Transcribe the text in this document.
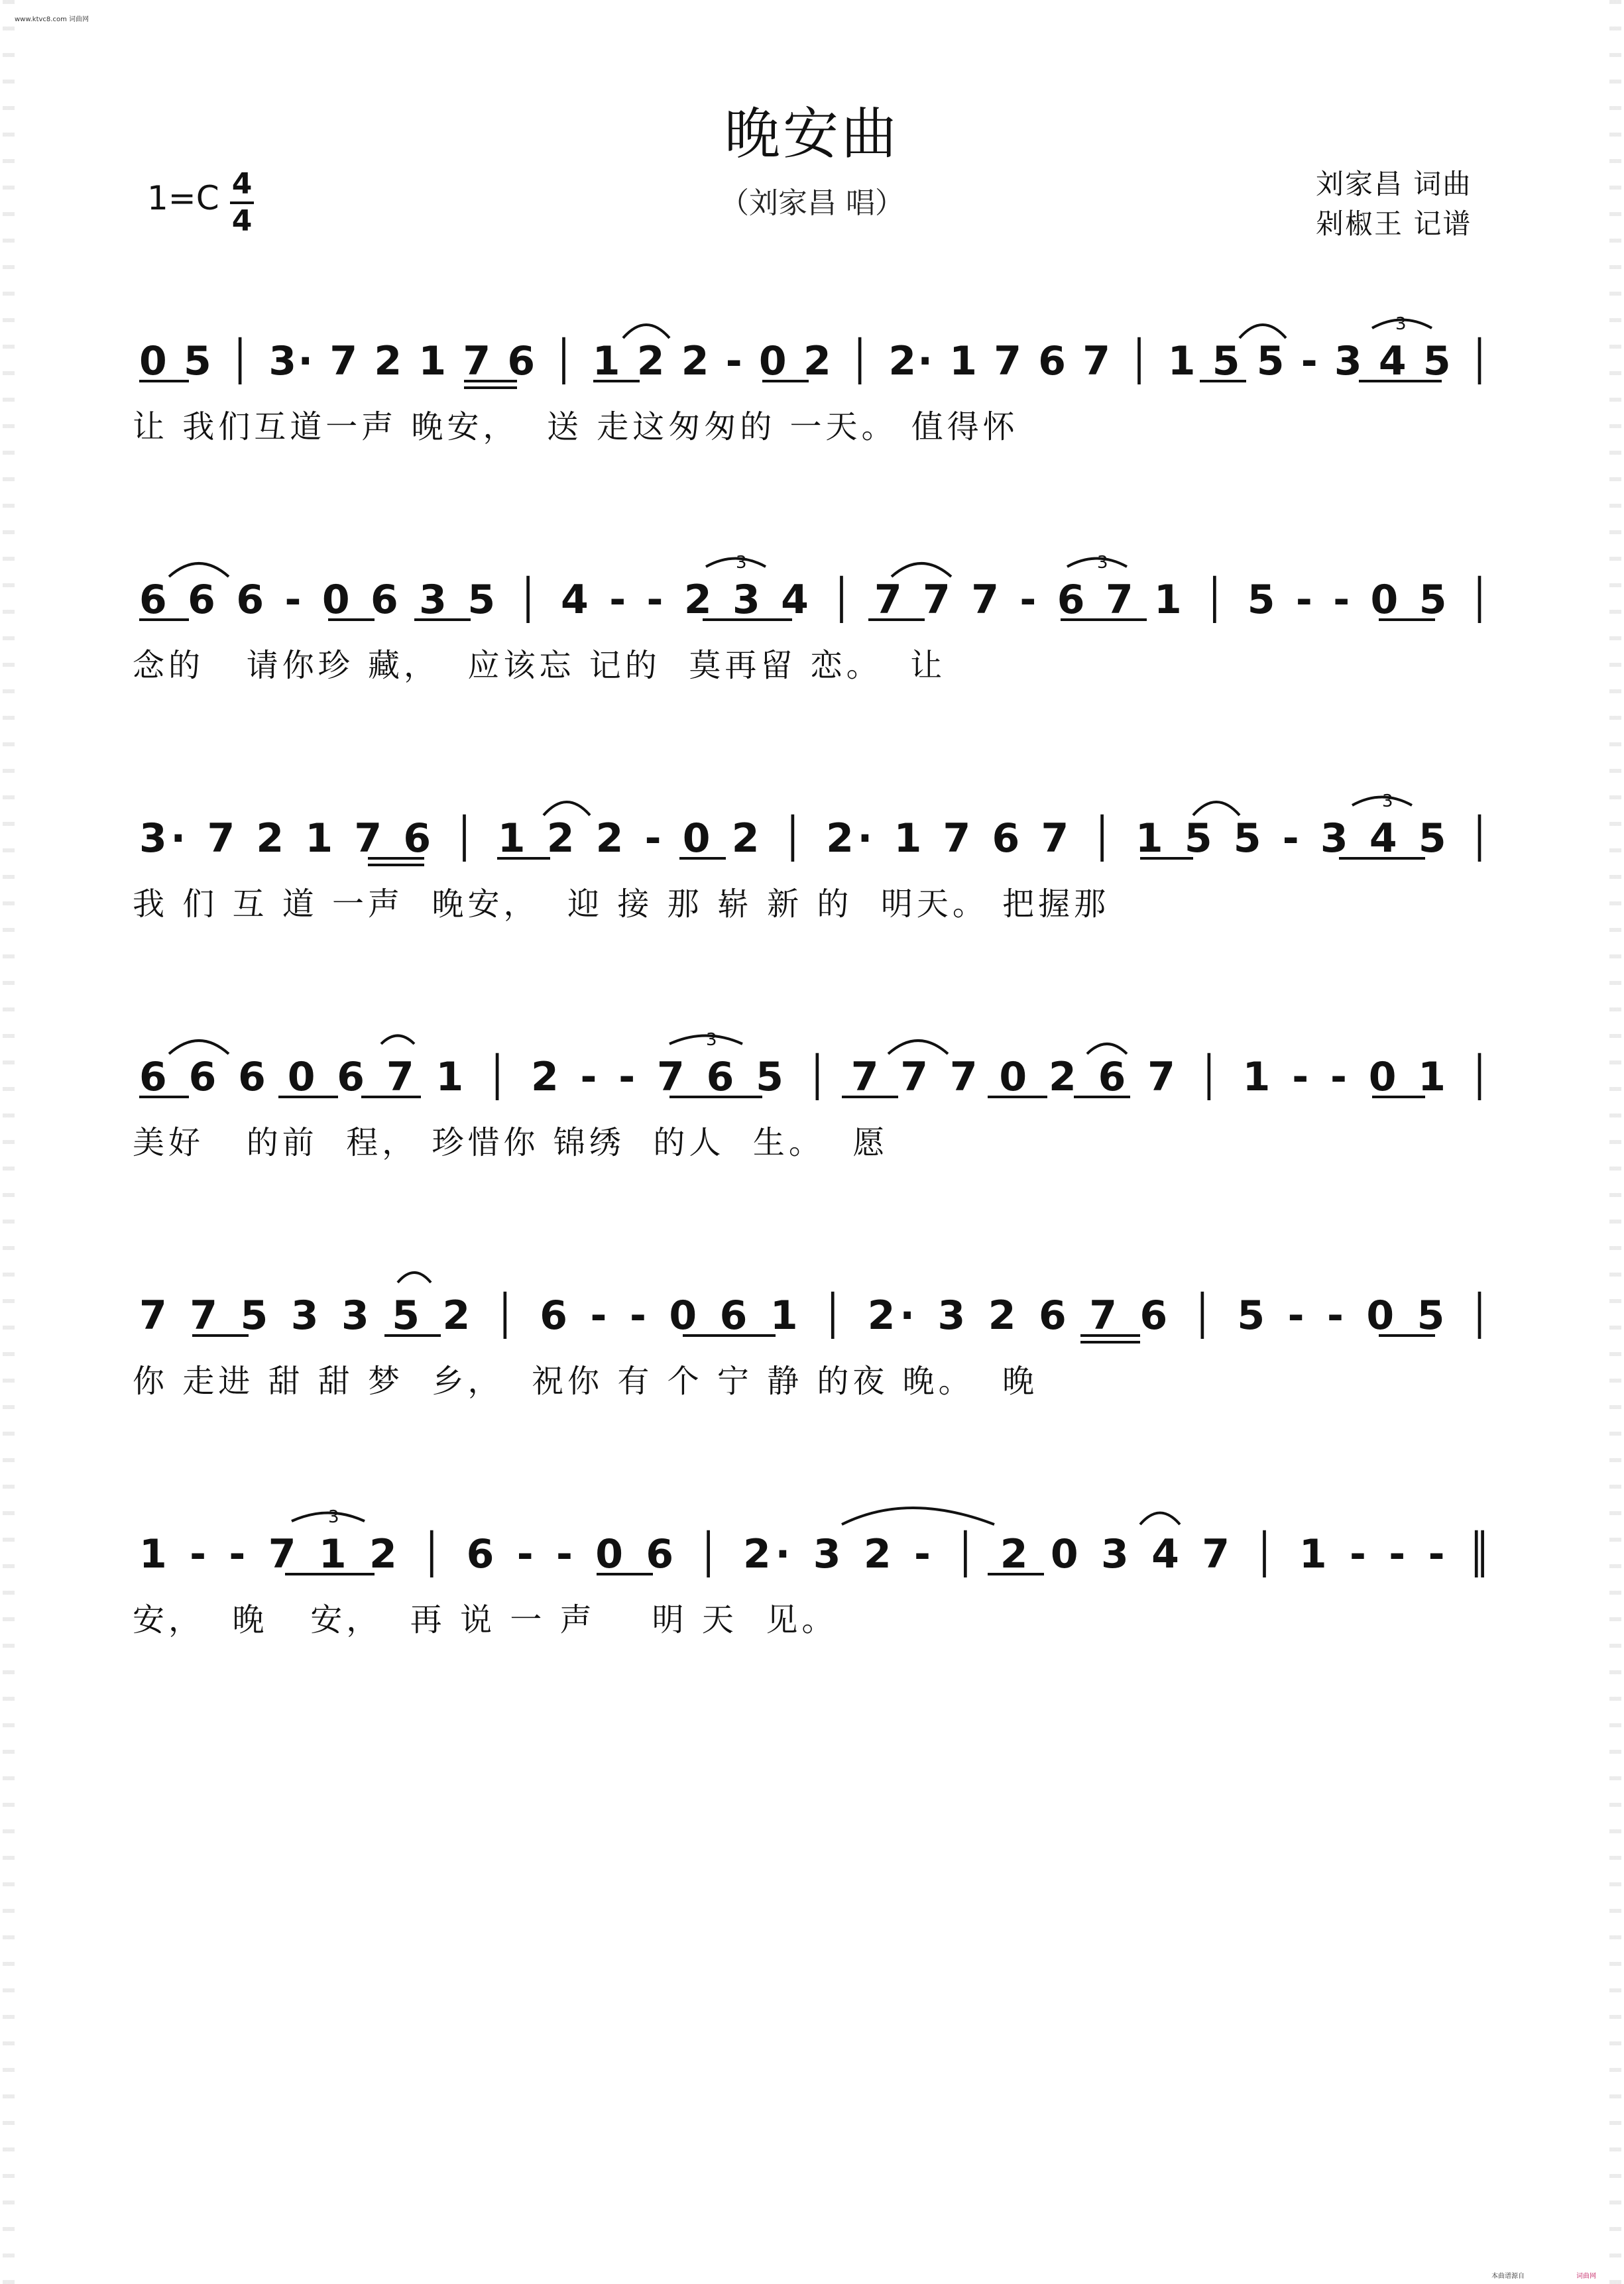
www.ktvc8.com 词曲网
晚安曲
（刘家昌 唱）
1=C 4
4
刘家昌 词曲
剁椒王 记谱
0 5 │ 3· 7 2 1 7 6 │ 1 2 2 - 0 2 │ 2· 1 7 6 7 │ 1 5 5 - 3 4 5 │
3
6 6 6 - 0 6 3 5 │ 4 - - 2 3 4 │ 7 7 7 - 6 7 1 │ 5 - - 0 5 │
3	3
3· 7 2 1 7 6 │ 1 2 2 - 0 2 │ 2· 1 7 6 7 │ 1 5 5 - 3 4 5 │
3
6 6 6 0 6 7 1 │ 2 - - 7 6 5 │ 7 7 7 0 2 6 7 │ 1 - - 0 1 │
3
7 7 5 3 3 5 2 │ 6 - - 0 6 1 │ 2· 3 2 6 7 6 │ 5 - - 0 5 │
1 - - 7 1 2 │ 6 - - 0 6 │ 2· 3 2 - │ 2 0 3 4 7 │ 1 - - - ║
3
让 我们互道一声 晚安，  送 走这匆匆的 一天。 值得怀
念的   请你珍 藏，  应该忘 记的  莫再留 恋。  让
我 们 互 道 一声  晚安，  迎 接 那 崭 新 的  明天。 把握那
美好   的前  程， 珍惜你 锦绣  的人  生。  愿
你 走进 甜 甜 梦  乡，  祝你 有 个 宁 静 的夜 晚。  晚
安，  晚   安，  再 说 一 声    明 天  见。
本曲谱源自	词曲网
